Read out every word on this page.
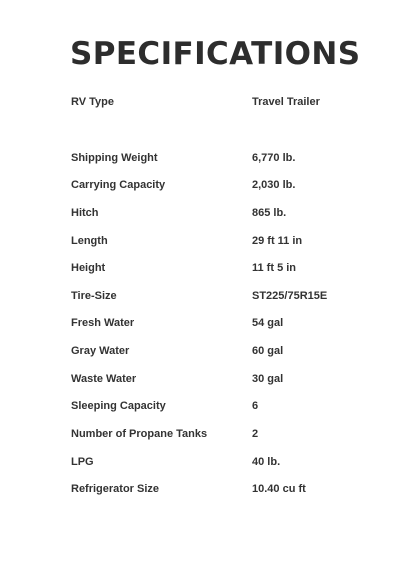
SPECIFICATIONS
RV Type	Travel Trailer
Shipping Weight	6,770 lb.
Carrying Capacity	2,030 lb.
Hitch	865 lb.
Length	29 ft 11 in
Height	11 ft 5 in
Tire-Size	ST225/75R15E
Fresh Water	54 gal
Gray Water	60 gal
Waste Water	30 gal
Sleeping Capacity	6
Number of Propane Tanks	2
LPG	40 lb.
Refrigerator Size	10.40 cu ft
